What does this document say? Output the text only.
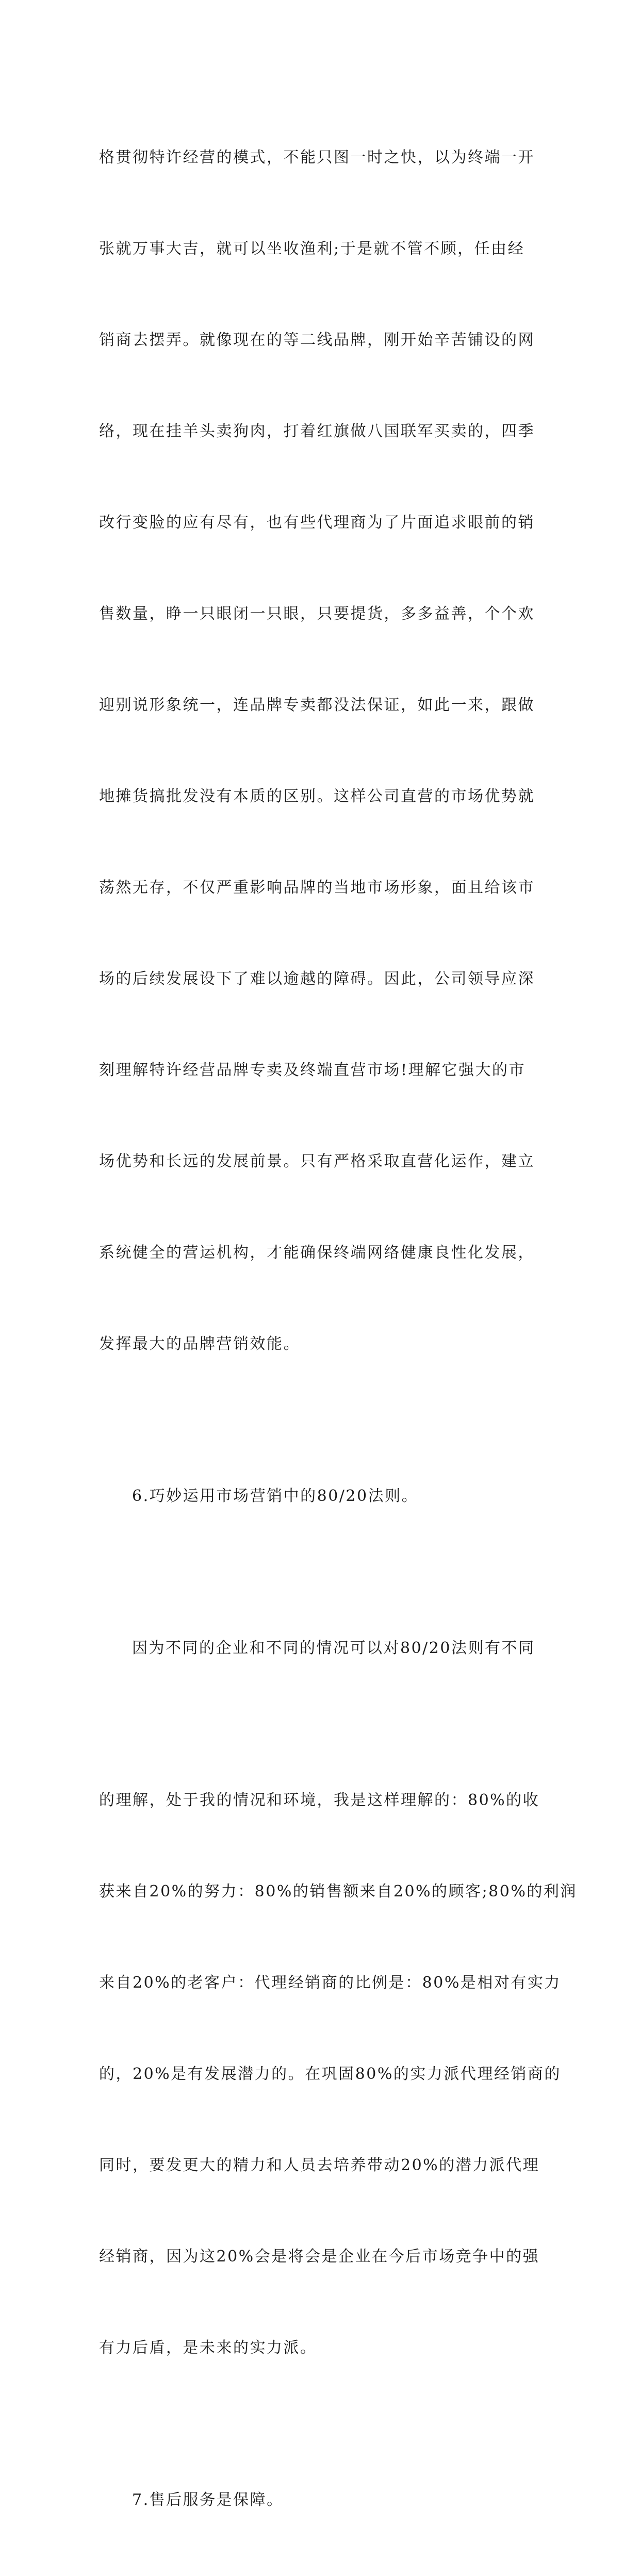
格贯彻特许经营的模式，不能只图一时之快，以为终端一开

张就万事大吉，就可以坐收渔利;于是就不管不顾，任由经

销商去摆弄。就像现在的等二线品牌，刚开始辛苦铺设的网

络，现在挂羊头卖狗肉，打着红旗做八国联军买卖的，四季

改行变脸的应有尽有，也有些代理商为了片面追求眼前的销

售数量，睁一只眼闭一只眼，只要提货，多多益善，个个欢

迎别说形象统一，连品牌专卖都没法保证，如此一来，跟做

地摊货搞批发没有本质的区别。这样公司直营的市场优势就

荡然无存，不仅严重影响品牌的当地市场形象，面且给该市

场的后续发展设下了难以逾越的障碍。因此，公司领导应深

刻理解特许经营品牌专卖及终端直营市场!理解它强大的市

场优势和长远的发展前景。只有严格采取直营化运作，建立

系统健全的营运机构，才能确保终端网络健康良性化发展，

发挥最大的品牌营销效能。

6.巧妙运用市场营销中的80/20法则。

因为不同的企业和不同的情况可以对80/20法则有不同

的理解，处于我的情况和环境，我是这样理解的：80%的收

获来自20%的努力：80%的销售额来自20%的顾客;80%的利润

来自20%的老客户：代理经销商的比例是：80%是相对有实力

的，20%是有发展潜力的。在巩固80%的实力派代理经销商的

同时，要发更大的精力和人员去培养带动20%的潜力派代理

经销商，因为这20%会是将会是企业在今后市场竞争中的强

有力后盾，是未来的实力派。

7.售后服务是保障。
